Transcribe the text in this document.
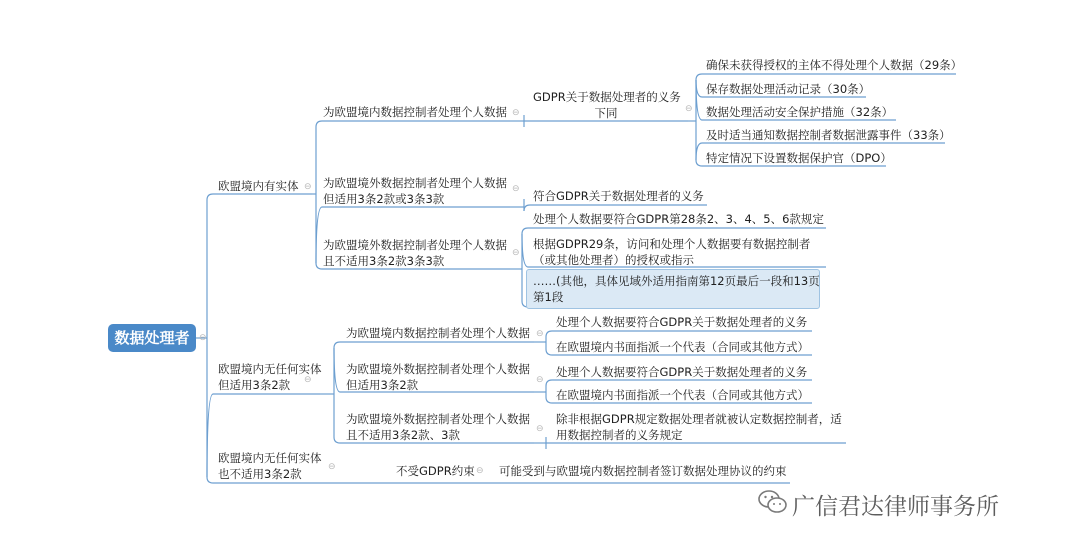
数据处理者
欧盟境内有实体
欧盟境内无任何实体
但适用3条2款
欧盟境内无任何实体
也不适用3条2款
为欧盟境内数据控制者处理个人数据
为欧盟境外数据控制者处理个人数据
但适用3条2款或3条3款
为欧盟境外数据控制者处理个人数据
且不适用3条2款3条3款
GDPR关于数据处理者的义务
下同
符合GDPR关于数据处理者的义务
处理个人数据要符合GDPR第28条2、3、4、5、6款规定
根据GDPR29条，访问和处理个人数据要有数据控制者
（或其他处理者）的授权或指示
……(其他，具体见域外适用指南第12页最后一段和13页
第1段
确保未获得授权的主体不得处理个人数据（29条）
保存数据处理活动记录（30条）
数据处理活动安全保护措施（32条）
及时适当通知数据控制者数据泄露事件（33条）
特定情况下设置数据保护官（DPO）
为欧盟境内数据控制者处理个人数据
为欧盟境外数据控制者处理个人数据
但适用3条2款
为欧盟境外数据控制者处理个人数据
且不适用3条2款、3款
处理个人数据要符合GDPR关于数据处理者的义务
在欧盟境内书面指派一个代表（合同或其他方式）
处理个人数据要符合GDPR关于数据处理者的义务
在欧盟境内书面指派一个代表（合同或其他方式）
除非根据GDPR规定数据处理者就被认定数据控制者，适
用数据控制者的义务规定
不受GDPR约束 可能受到与欧盟境内数据控制者签订数据处理协议的约束
⊖
⊖
⊖
⊖
⊖
⊖
⊖
⊖
⊖
⊖
⊖
⊖
广信君达律师事务所
